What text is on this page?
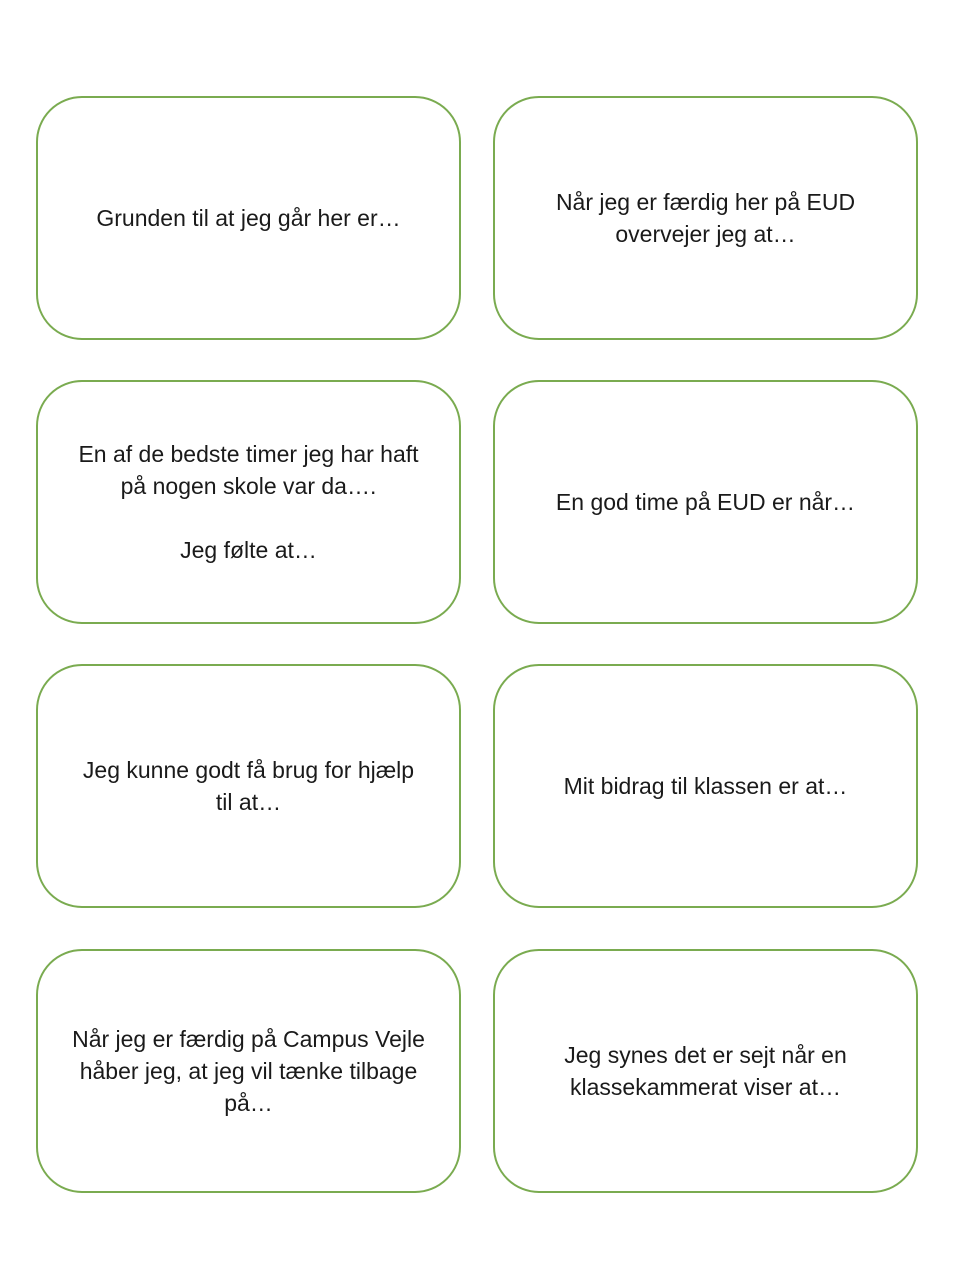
Grunden til at jeg går her er…
Når jeg er færdig her på EUD
overvejer jeg at…
En af de bedste timer jeg har haft
på nogen skole var da….
Jeg følte at…
En god time på EUD er når…
Jeg kunne godt få brug for hjælp
til at…
Mit bidrag til klassen er at…
Når jeg er færdig på Campus Vejle
håber jeg, at jeg vil tænke tilbage
på…
Jeg synes det er sejt når en
klassekammerat viser at…
